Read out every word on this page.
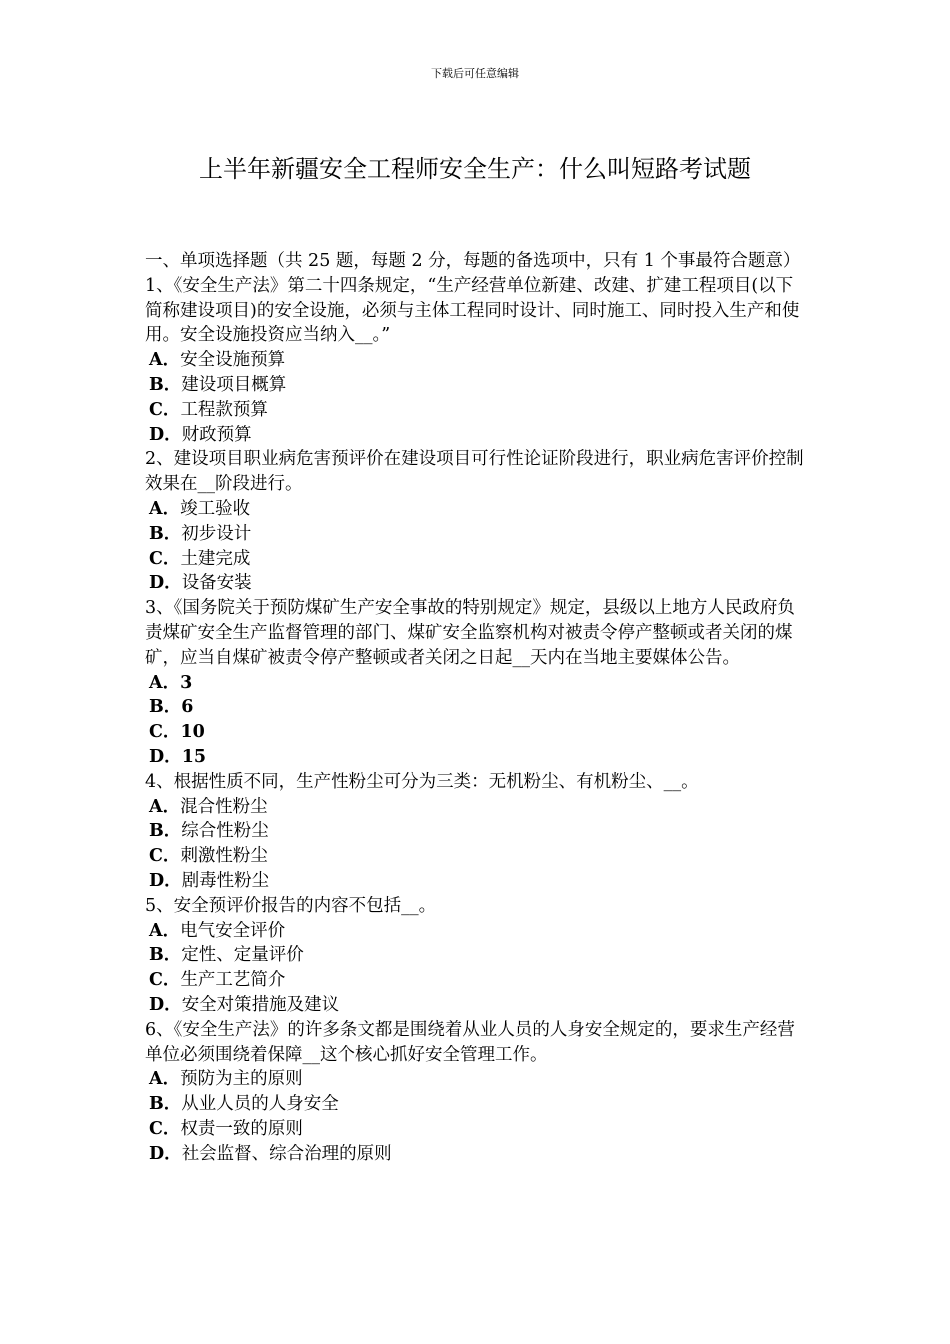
下载后可任意编辑
上半年新疆安全工程师安全生产：什么叫短路考试题
一、单项选择题（共 25 题，每题 2 分，每题的备选项中，只有 1 个事最符合题意）
1、《安全生产法》第二十四条规定，“生产经营单位新建、改建、扩建工程项目(以下简称建设项目)的安全设施，必须与主体工程同时设计、同时施工、同时投入生产和使用。安全设施投资应当纳入__。”
A．安全设施预算
B．建设项目概算
C．工程款预算
D．财政预算
2、建设项目职业病危害预评价在建设项目可行性论证阶段进行，职业病危害评价控制效果在__阶段进行。
A．竣工验收
B．初步设计
C．土建完成
D．设备安装
3、《国务院关于预防煤矿生产安全事故的特别规定》规定，县级以上地方人民政府负责煤矿安全生产监督管理的部门、煤矿安全监察机构对被责令停产整顿或者关闭的煤矿，应当自煤矿被责令停产整顿或者关闭之日起__天内在当地主要媒体公告。
A．3
B．6
C．10
D．15
4、根据性质不同，生产性粉尘可分为三类：无机粉尘、有机粉尘、__。
A．混合性粉尘
B．综合性粉尘
C．刺激性粉尘
D．剧毒性粉尘
5、安全预评价报告的内容不包括__。
A．电气安全评价
B．定性、定量评价
C．生产工艺简介
D．安全对策措施及建议
6、《安全生产法》的许多条文都是围绕着从业人员的人身安全规定的，要求生产经营单位必须围绕着保障__这个核心抓好安全管理工作。
A．预防为主的原则
B．从业人员的人身安全
C．权责一致的原则
D．社会监督、综合治理的原则
